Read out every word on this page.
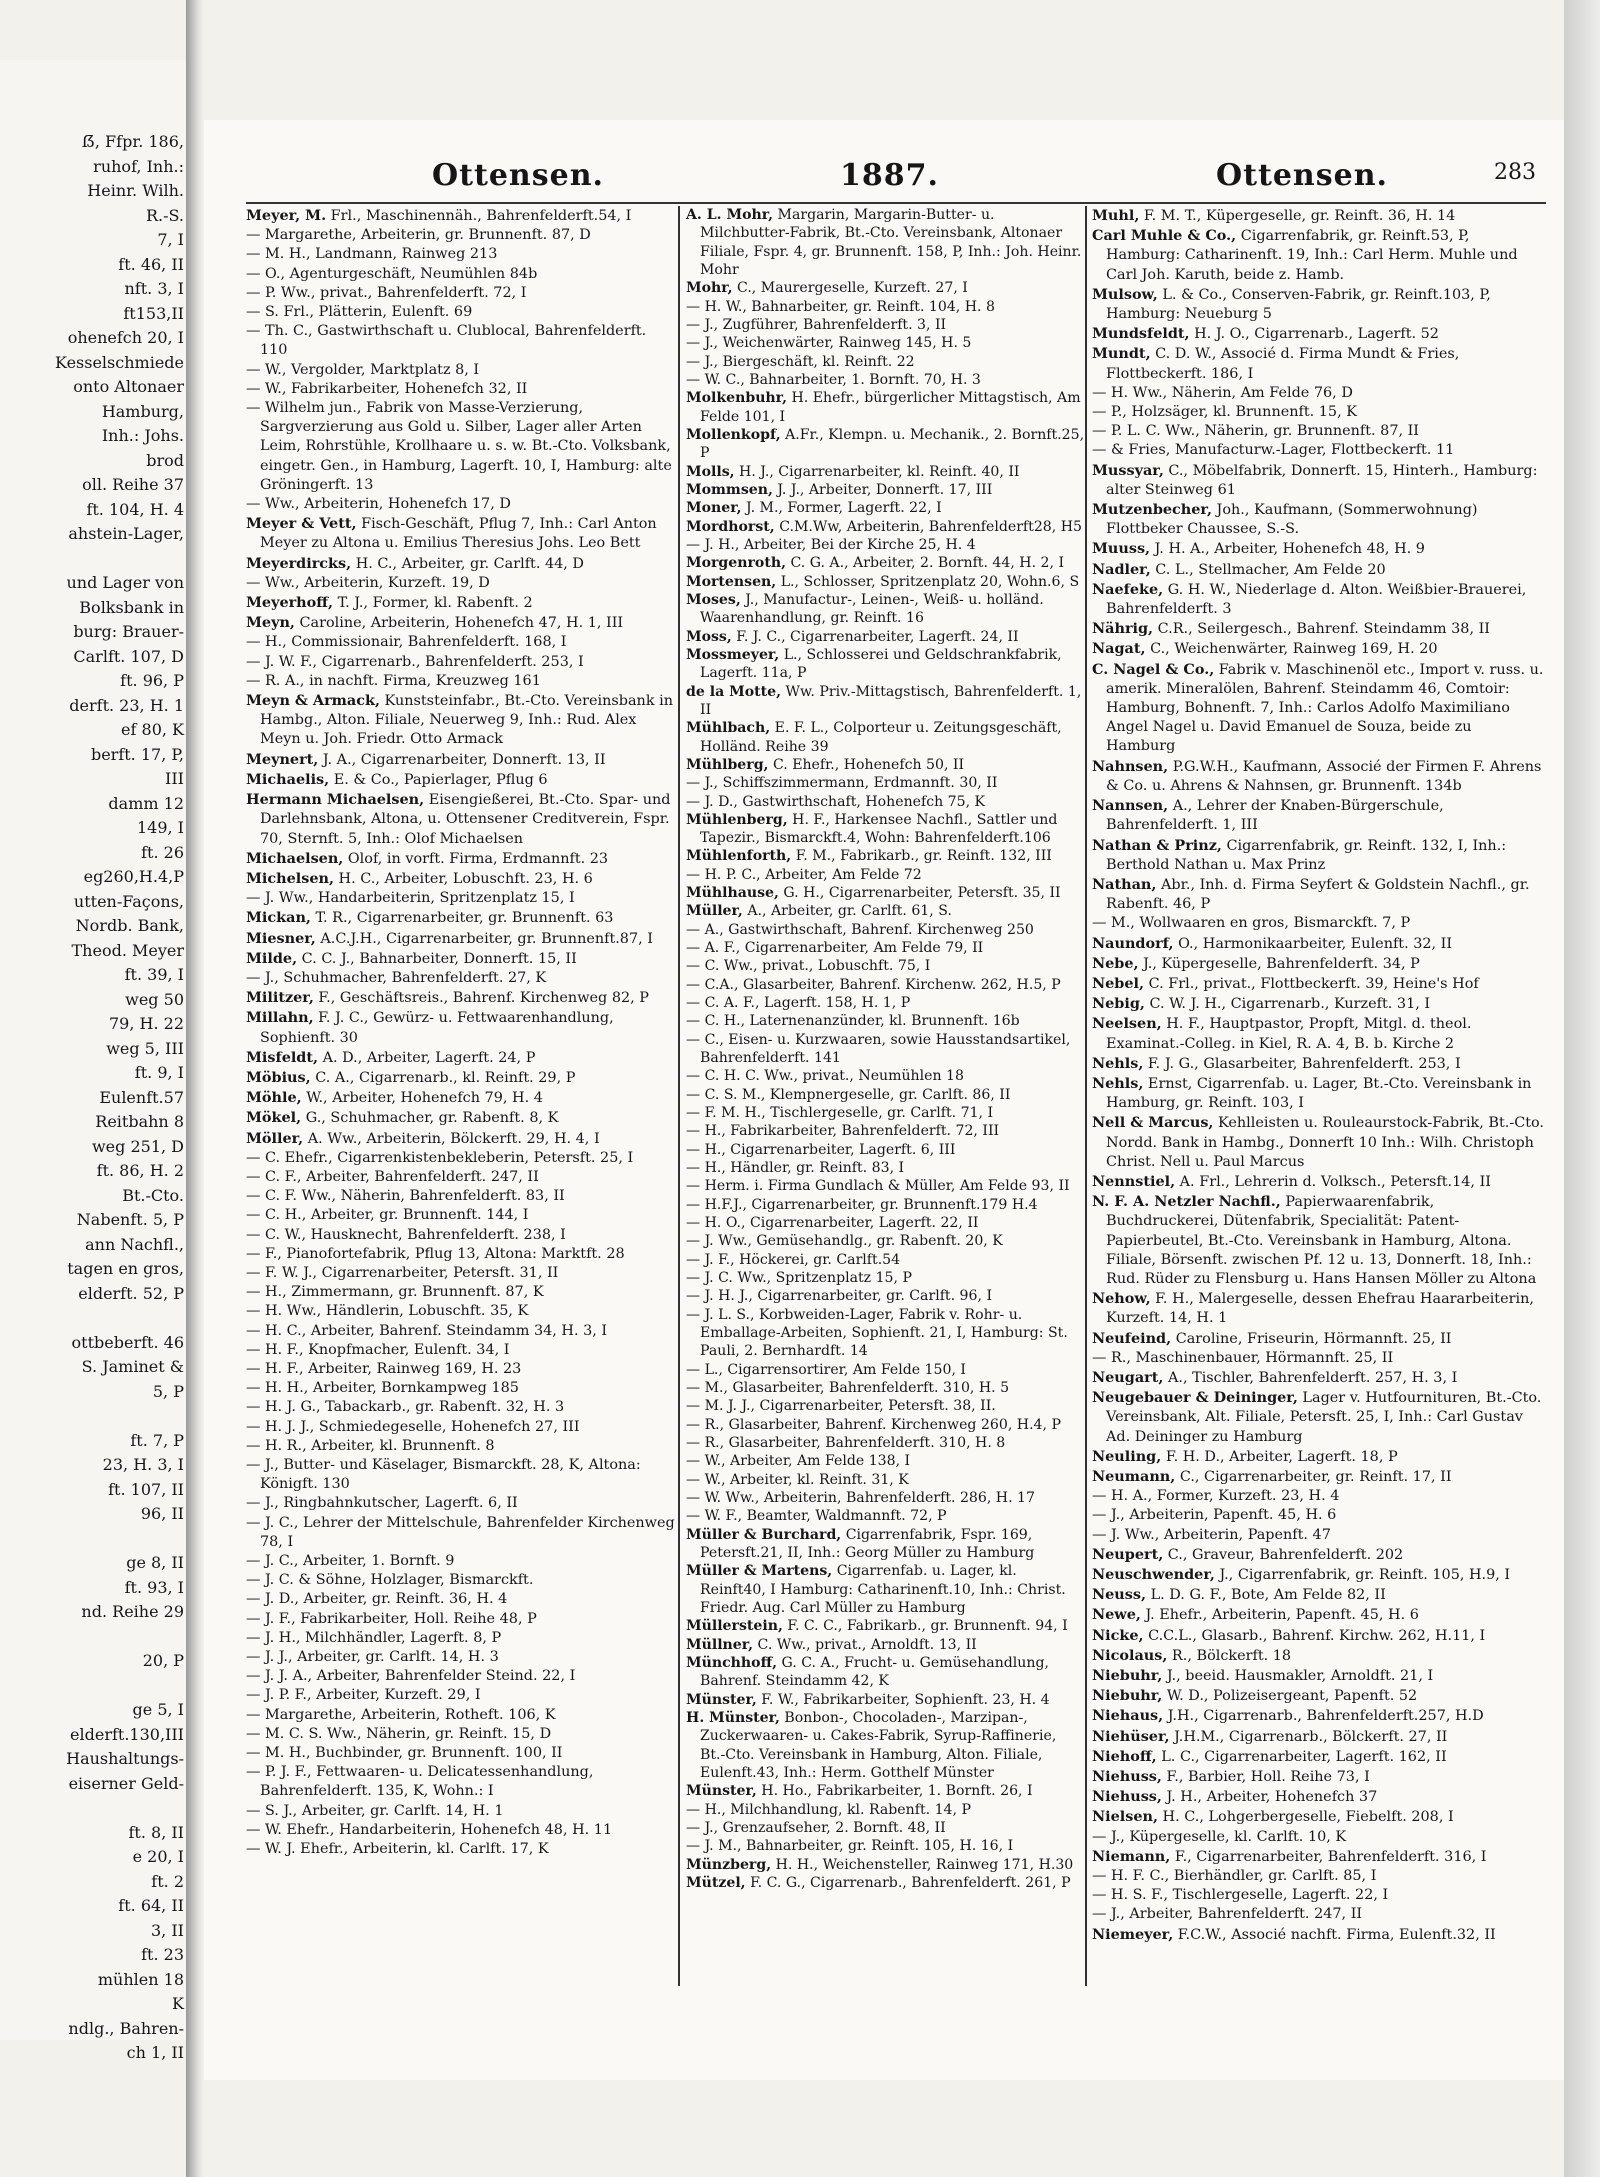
ẞ, Ffpr. 186,
ruhof, Inh.:
Heinr. Wilh.
R.-S.
7, I
ft. 46, II
nft. 3, I
ft153,II
ohenefch 20, I
Kesselschmiede
onto Altonaer
Hamburg,
Inh.: Johs.
brod
oll. Reihe 37
ft. 104, H. 4
ahstein-Lager,
und Lager von
Bolksbank in
burg: Brauer-
Carlft. 107, D
ft. 96, P
derft. 23, H. 1
ef 80, K
berft. 17, P,
III
damm 12
149, I
ft. 26
eg260,H.4,P
utten-Façons,
Nordb. Bank,
Theod. Meyer
ft. 39, I
weg 50
79, H. 22
weg 5, III
ft. 9, I
Eulenft.57
Reitbahn 8
weg 251, D
ft. 86, H. 2
Bt.-Cto.
Nabenft. 5, P
ann Nachfl.,
tagen en gros,
elderft. 52, P
ottbeberft. 46
S. Jaminet &
5, P
ft. 7, P
23, H. 3, I
ft. 107, II
96, II
ge 8, II
ft. 93, I
nd. Reihe 29
20, P
ge 5, I
elderft.130,III
Haushaltungs-
eiserner Geld-
ft. 8, II
e 20, I
ft. 2
ft. 64, II
3, II
ft. 23
mühlen 18
K
ndlg., Bahren-
ch 1, II
Ottensen.	1887.	Ottensen.	283

Meyer, M. Frl., Maschinennäh., Bahrenfelderft.54, I

— Margarethe, Arbeiterin, gr. Brunnenft. 87, D

— M. H., Landmann, Rainweg 213

— O., Agenturgeschäft, Neumühlen 84b

— P. Ww., privat., Bahrenfelderft. 72, I

— S. Frl., Plätterin, Eulenft. 69

— Th. C., Gastwirthschaft u. Clublocal, Bahrenfelderft. 110

— W., Vergolder, Marktplatz 8, I

— W., Fabrikarbeiter, Hohenefch 32, II

— Wilhelm jun., Fabrik von Masse-Verzierung, Sargverzierung aus Gold u. Silber, Lager aller Arten Leim, Rohrstühle, Krollhaare u. s. w. Bt.-Cto. Volksbank, eingetr. Gen., in Hamburg, Lagerft. 10, I, Hamburg: alte Gröningerft. 13

— Ww., Arbeiterin, Hohenefch 17, D

Meyer & Vett, Fisch-Geschäft, Pflug 7, Inh.: Carl Anton Meyer zu Altona u. Emilius Theresius Johs. Leo Bett

Meyerdircks, H. C., Arbeiter, gr. Carlft. 44, D

— Ww., Arbeiterin, Kurzeft. 19, D

Meyerhoff, T. J., Former, kl. Rabenft. 2

Meyn, Caroline, Arbeiterin, Hohenefch 47, H. 1, III

— H., Commissionair, Bahrenfelderft. 168, I

— J. W. F., Cigarrenarb., Bahrenfelderft. 253, I

— R. A., in nachft. Firma, Kreuzweg 161

Meyn & Armack, Kunststeinfabr., Bt.-Cto. Vereinsbank in Hambg., Alton. Filiale, Neuerweg 9, Inh.: Rud. Alex Meyn u. Joh. Friedr. Otto Armack

Meynert, J. A., Cigarrenarbeiter, Donnerft. 13, II

Michaelis, E. & Co., Papierlager, Pflug 6

Hermann Michaelsen, Eisengießerei, Bt.-Cto. Spar- und Darlehnsbank, Altona, u. Ottensener Creditverein, Fspr. 70, Sternft. 5, Inh.: Olof Michaelsen

Michaelsen, Olof, in vorft. Firma, Erdmannft. 23

Michelsen, H. C., Arbeiter, Lobuschft. 23, H. 6

— J. Ww., Handarbeiterin, Spritzenplatz 15, I

Mickan, T. R., Cigarrenarbeiter, gr. Brunnenft. 63

Miesner, A.C.J.H., Cigarrenarbeiter, gr. Brunnenft.87, I

Milde, C. C. J., Bahnarbeiter, Donnerft. 15, II

— J., Schuhmacher, Bahrenfelderft. 27, K

Militzer, F., Geschäftsreis., Bahrenf. Kirchenweg 82, P

Millahn, F. J. C., Gewürz- u. Fettwaarenhandlung, Sophienft. 30

Misfeldt, A. D., Arbeiter, Lagerft. 24, P

Möbius, C. A., Cigarrenarb., kl. Reinft. 29, P

Möhle, W., Arbeiter, Hohenefch 79, H. 4

Mökel, G., Schuhmacher, gr. Rabenft. 8, K

Möller, A. Ww., Arbeiterin, Bölckerft. 29, H. 4, I

— C. Ehefr., Cigarrenkistenbekleberin, Petersft. 25, I

— C. F., Arbeiter, Bahrenfelderft. 247, II

— C. F. Ww., Näherin, Bahrenfelderft. 83, II

— C. H., Arbeiter, gr. Brunnenft. 144, I

— C. W., Hausknecht, Bahrenfelderft. 238, I

— F., Pianofortefabrik, Pflug 13, Altona: Marktft. 28

— F. W. J., Cigarrenarbeiter, Petersft. 31, II

— H., Zimmermann, gr. Brunnenft. 87, K

— H. Ww., Händlerin, Lobuschft. 35, K

— H. C., Arbeiter, Bahrenf. Steindamm 34, H. 3, I

— H. F., Knopfmacher, Eulenft. 34, I

— H. F., Arbeiter, Rainweg 169, H. 23

— H. H., Arbeiter, Bornkampweg 185

— H. J. G., Tabackarb., gr. Rabenft. 32, H. 3

— H. J. J., Schmiedegeselle, Hohenefch 27, III

— H. R., Arbeiter, kl. Brunnenft. 8

— J., Butter- und Käselager, Bismarckft. 28, K, Altona: Königft. 130

— J., Ringbahnkutscher, Lagerft. 6, II

— J. C., Lehrer der Mittelschule, Bahrenfelder Kirchenweg 78, I

— J. C., Arbeiter, 1. Bornft. 9

— J. C. & Söhne, Holzlager, Bismarckft.

— J. D., Arbeiter, gr. Reinft. 36, H. 4

— J. F., Fabrikarbeiter, Holl. Reihe 48, P

— J. H., Milchhändler, Lagerft. 8, P

— J. J., Arbeiter, gr. Carlft. 14, H. 3

— J. J. A., Arbeiter, Bahrenfelder Steind. 22, I

— J. P. F., Arbeiter, Kurzeft. 29, I

— Margarethe, Arbeiterin, Rotheft. 106, K

— M. C. S. Ww., Näherin, gr. Reinft. 15, D

— M. H., Buchbinder, gr. Brunnenft. 100, II

— P. J. F., Fettwaaren- u. Delicatessenhandlung, Bahrenfelderft. 135, K, Wohn.: I

— S. J., Arbeiter, gr. Carlft. 14, H. 1

— W. Ehefr., Handarbeiterin, Hohenefch 48, H. 11

— W. J. Ehefr., Arbeiterin, kl. Carlft. 17, K

A. L. Mohr, Margarin, Margarin-Butter- u. Milchbutter-Fabrik, Bt.-Cto. Vereinsbank, Altonaer Filiale, Fspr. 4, gr. Brunnenft. 158, P, Inh.: Joh. Heinr. Mohr

Mohr, C., Maurergeselle, Kurzeft. 27, I

— H. W., Bahnarbeiter, gr. Reinft. 104, H. 8

— J., Zugführer, Bahrenfelderft. 3, II

— J., Weichenwärter, Rainweg 145, H. 5

— J., Biergeschäft, kl. Reinft. 22

— W. C., Bahnarbeiter, 1. Bornft. 70, H. 3

Molkenbuhr, H. Ehefr., bürgerlicher Mittagstisch, Am Felde 101, I

Mollenkopf, A.Fr., Klempn. u. Mechanik., 2. Bornft.25, P

Molls, H. J., Cigarrenarbeiter, kl. Reinft. 40, II

Mommsen, J. J., Arbeiter, Donnerft. 17, III

Moner, J. M., Former, Lagerft. 22, I

Mordhorst, C.M.Ww, Arbeiterin, Bahrenfelderft28, H5

— J. H., Arbeiter, Bei der Kirche 25, H. 4

Morgenroth, C. G. A., Arbeiter, 2. Bornft. 44, H. 2, I

Mortensen, L., Schlosser, Spritzenplatz 20, Wohn.6, S

Moses, J., Manufactur-, Leinen-, Weiß- u. holländ. Waarenhandlung, gr. Reinft. 16

Moss, F. J. C., Cigarrenarbeiter, Lagerft. 24, II

Mossmeyer, L., Schlosserei und Geldschrankfabrik, Lagerft. 11a, P

de la Motte, Ww. Priv.-Mittagstisch, Bahrenfelderft. 1, II

Mühlbach, E. F. L., Colporteur u. Zeitungsgeschäft, Holländ. Reihe 39

Mühlberg, C. Ehefr., Hohenefch 50, II

— J., Schiffszimmermann, Erdmannft. 30, II

— J. D., Gastwirthschaft, Hohenefch 75, K

Mühlenberg, H. F., Harkensee Nachfl., Sattler und Tapezir., Bismarckft.4, Wohn: Bahrenfelderft.106

Mühlenforth, F. M., Fabrikarb., gr. Reinft. 132, III

— H. P. C., Arbeiter, Am Felde 72

Mühlhause, G. H., Cigarrenarbeiter, Petersft. 35, II

Müller, A., Arbeiter, gr. Carlft. 61, S.

— A., Gastwirthschaft, Bahrenf. Kirchenweg 250

— A. F., Cigarrenarbeiter, Am Felde 79, II

— C. Ww., privat., Lobuschft. 75, I

— C.A., Glasarbeiter, Bahrenf. Kirchenw. 262, H.5, P

— C. A. F., Lagerft. 158, H. 1, P

— C. H., Laternenanzünder, kl. Brunnenft. 16b

— C., Eisen- u. Kurzwaaren, sowie Hausstandsartikel, Bahrenfelderft. 141

— C. H. C. Ww., privat., Neumühlen 18

— C. S. M., Klempnergeselle, gr. Carlft. 86, II

— F. M. H., Tischlergeselle, gr. Carlft. 71, I

— H., Fabrikarbeiter, Bahrenfelderft. 72, III

— H., Cigarrenarbeiter, Lagerft. 6, III

— H., Händler, gr. Reinft. 83, I

— Herm. i. Firma Gundlach & Müller, Am Felde 93, II

— H.F.J., Cigarrenarbeiter, gr. Brunnenft.179 H.4

— H. O., Cigarrenarbeiter, Lagerft. 22, II

— J. Ww., Gemüsehandlg., gr. Rabenft. 20, K

— J. F., Höckerei, gr. Carlft.54

— J. C. Ww., Spritzenplatz 15, P

— J. H. J., Cigarrenarbeiter, gr. Carlft. 96, I

— J. L. S., Korbweiden-Lager, Fabrik v. Rohr- u. Emballage-Arbeiten, Sophienft. 21, I, Hamburg: St. Pauli, 2. Bernhardft. 14

— L., Cigarrensortirer, Am Felde 150, I

— M., Glasarbeiter, Bahrenfelderft. 310, H. 5

— M. J. J., Cigarrenarbeiter, Petersft. 38, II.

— R., Glasarbeiter, Bahrenf. Kirchenweg 260, H.4, P

— R., Glasarbeiter, Bahrenfelderft. 310, H. 8

— W., Arbeiter, Am Felde 138, I

— W., Arbeiter, kl. Reinft. 31, K

— W. Ww., Arbeiterin, Bahrenfelderft. 286, H. 17

— W. F., Beamter, Waldmannft. 72, P

Müller & Burchard, Cigarrenfabrik, Fspr. 169, Petersft.21, II, Inh.: Georg Müller zu Hamburg

Müller & Martens, Cigarrenfab. u. Lager, kl. Reinft40, I Hamburg: Catharinenft.10, Inh.: Christ. Friedr. Aug. Carl Müller zu Hamburg

Müllerstein, F. C. C., Fabrikarb., gr. Brunnenft. 94, I

Müllner, C. Ww., privat., Arnoldft. 13, II

Münchhoff, G. C. A., Frucht- u. Gemüsehandlung, Bahrenf. Steindamm 42, K

Münster, F. W., Fabrikarbeiter, Sophienft. 23, H. 4

H. Münster, Bonbon-, Chocoladen-, Marzipan-, Zuckerwaaren- u. Cakes-Fabrik, Syrup-Raffinerie, Bt.-Cto. Vereinsbank in Hamburg, Alton. Filiale, Eulenft.43, Inh.: Herm. Gotthelf Münster

Münster, H. Ho., Fabrikarbeiter, 1. Bornft. 26, I

— H., Milchhandlung, kl. Rabenft. 14, P

— J., Grenzaufseher, 2. Bornft. 48, II

— J. M., Bahnarbeiter, gr. Reinft. 105, H. 16, I

Münzberg, H. H., Weichensteller, Rainweg 171, H.30

Mützel, F. C. G., Cigarrenarb., Bahrenfelderft. 261, P

Muhl, F. M. T., Küpergeselle, gr. Reinft. 36, H. 14

Carl Muhle & Co., Cigarrenfabrik, gr. Reinft.53, P, Hamburg: Catharinenft. 19, Inh.: Carl Herm. Muhle und Carl Joh. Karuth, beide z. Hamb.

Mulsow, L. & Co., Conserven-Fabrik, gr. Reinft.103, P, Hamburg: Neueburg 5

Mundsfeldt, H. J. O., Cigarrenarb., Lagerft. 52

Mundt, C. D. W., Associé d. Firma Mundt & Fries, Flottbeckerft. 186, I

— H. Ww., Näherin, Am Felde 76, D

— P., Holzsäger, kl. Brunnenft. 15, K

— P. L. C. Ww., Näherin, gr. Brunnenft. 87, II

— & Fries, Manufacturw.-Lager, Flottbeckerft. 11

Mussyar, C., Möbelfabrik, Donnerft. 15, Hinterh., Hamburg: alter Steinweg 61

Mutzenbecher, Joh., Kaufmann, (Sommerwohnung) Flottbeker Chaussee, S.-S.

Muuss, J. H. A., Arbeiter, Hohenefch 48, H. 9

Nadler, C. L., Stellmacher, Am Felde 20

Naefeke, G. H. W., Niederlage d. Alton. Weißbier-Brauerei, Bahrenfelderft. 3

Nährig, C.R., Seilergesch., Bahrenf. Steindamm 38, II

Nagat, C., Weichenwärter, Rainweg 169, H. 20

C. Nagel & Co., Fabrik v. Maschinenöl etc., Import v. russ. u. amerik. Mineralölen, Bahrenf. Steindamm 46, Comtoir: Hamburg, Bohnenft. 7, Inh.: Carlos Adolfo Maximiliano Angel Nagel u. David Emanuel de Souza, beide zu Hamburg

Nahnsen, P.G.W.H., Kaufmann, Associé der Firmen F. Ahrens & Co. u. Ahrens & Nahnsen, gr. Brunnenft. 134b

Nannsen, A., Lehrer der Knaben-Bürgerschule, Bahrenfelderft. 1, III

Nathan & Prinz, Cigarrenfabrik, gr. Reinft. 132, I, Inh.: Berthold Nathan u. Max Prinz

Nathan, Abr., Inh. d. Firma Seyfert & Goldstein Nachfl., gr. Rabenft. 46, P

— M., Wollwaaren en gros, Bismarckft. 7, P

Naundorf, O., Harmonikaarbeiter, Eulenft. 32, II

Nebe, J., Küpergeselle, Bahrenfelderft. 34, P

Nebel, C. Frl., privat., Flottbeckerft. 39, Heine's Hof

Nebig, C. W. J. H., Cigarrenarb., Kurzeft. 31, I

Neelsen, H. F., Hauptpastor, Propft, Mitgl. d. theol. Examinat.-Colleg. in Kiel, R. A. 4, B. b. Kirche 2

Nehls, F. J. G., Glasarbeiter, Bahrenfelderft. 253, I

Nehls, Ernst, Cigarrenfab. u. Lager, Bt.-Cto. Vereinsbank in Hamburg, gr. Reinft. 103, I

Nell & Marcus, Kehlleisten u. Rouleaurstock-Fabrik, Bt.-Cto. Nordd. Bank in Hambg., Donnerft 10 Inh.: Wilh. Christoph Christ. Nell u. Paul Marcus

Nennstiel, A. Frl., Lehrerin d. Volksch., Petersft.14, II

N. F. A. Netzler Nachfl., Papierwaarenfabrik, Buchdruckerei, Dütenfabrik, Specialität: Patent-Papierbeutel, Bt.-Cto. Vereinsbank in Hamburg, Altona. Filiale, Börsenft. zwischen Pf. 12 u. 13, Donnerft. 18, Inh.: Rud. Rüder zu Flensburg u. Hans Hansen Möller zu Altona

Nehow, F. H., Malergeselle, dessen Ehefrau Haararbeiterin, Kurzeft. 14, H. 1

Neufeind, Caroline, Friseurin, Hörmannft. 25, II

— R., Maschinenbauer, Hörmannft. 25, II

Neugart, A., Tischler, Bahrenfelderft. 257, H. 3, I

Neugebauer & Deininger, Lager v. Hutfournituren, Bt.-Cto. Vereinsbank, Alt. Filiale, Petersft. 25, I, Inh.: Carl Gustav Ad. Deininger zu Hamburg

Neuling, F. H. D., Arbeiter, Lagerft. 18, P

Neumann, C., Cigarrenarbeiter, gr. Reinft. 17, II

— H. A., Former, Kurzeft. 23, H. 4

— J., Arbeiterin, Papenft. 45, H. 6

— J. Ww., Arbeiterin, Papenft. 47

Neupert, C., Graveur, Bahrenfelderft. 202

Neuschwender, J., Cigarrenfabrik, gr. Reinft. 105, H.9, I

Neuss, L. D. G. F., Bote, Am Felde 82, II

Newe, J. Ehefr., Arbeiterin, Papenft. 45, H. 6

Nicke, C.C.L., Glasarb., Bahrenf. Kirchw. 262, H.11, I

Nicolaus, R., Bölckerft. 18

Niebuhr, J., beeid. Hausmakler, Arnoldft. 21, I

Niebuhr, W. D., Polizeisergeant, Papenft. 52

Niehaus, J.H., Cigarrenarb., Bahrenfelderft.257, H.D

Niehüser, J.H.M., Cigarrenarb., Bölckerft. 27, II

Niehoff, L. C., Cigarrenarbeiter, Lagerft. 162, II

Niehuss, F., Barbier, Holl. Reihe 73, I

Niehuss, J. H., Arbeiter, Hohenefch 37

Nielsen, H. C., Lohgerbergeselle, Fiebelft. 208, I

— J., Küpergeselle, kl. Carlft. 10, K

Niemann, F., Cigarrenarbeiter, Bahrenfelderft. 316, I

— H. F. C., Bierhändler, gr. Carlft. 85, I

— H. S. F., Tischlergeselle, Lagerft. 22, I

— J., Arbeiter, Bahrenfelderft. 247, II

Niemeyer, F.C.W., Associé nachft. Firma, Eulenft.32, II
